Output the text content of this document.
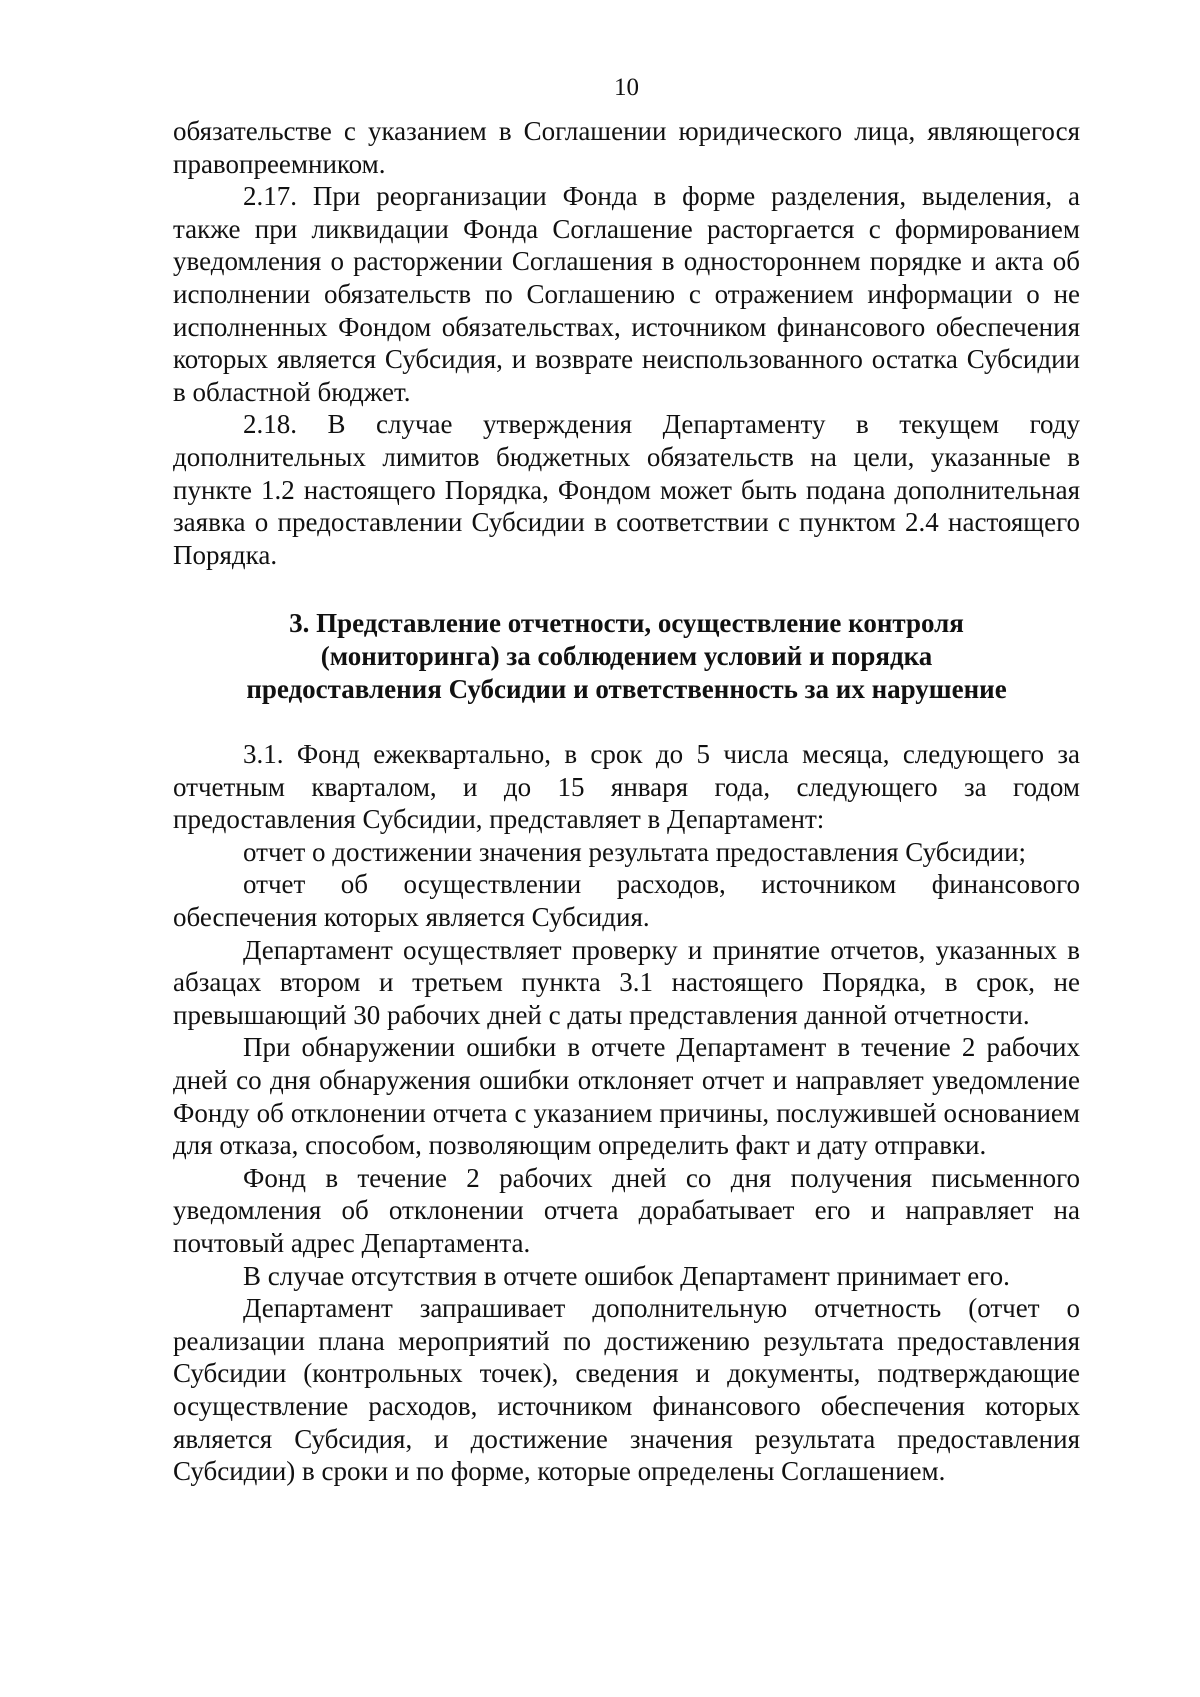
10

обязательстве с указанием в Соглашении юридического лица, являющегося правопреемником.

2.17. При реорганизации Фонда в форме разделения, выделения, а также при ликвидации Фонда Соглашение расторгается с формированием уведомления о расторжении Соглашения в одностороннем порядке и акта об исполнении обязательств по Соглашению с отражением информации о не исполненных Фондом обязательствах, источником финансового обеспечения которых является Субсидия, и возврате неиспользованного остатка Субсидии в областной бюджет.

2.18. В случае утверждения Департаменту в текущем году дополнительных лимитов бюджетных обязательств на цели, указанные в пункте 1.2 настоящего Порядка, Фондом может быть подана дополнительная заявка о предоставлении Субсидии в соответствии с пунктом 2.4 настоящего Порядка.

3. Представление отчетности, осуществление контроля
(мониторинга) за соблюдением условий и порядка
предоставления Субсидии и ответственность за их нарушение

3.1. Фонд ежеквартально, в срок до 5 числа месяца, следующего за отчетным кварталом, и до 15 января года, следующего за годом предоставления Субсидии, представляет в Департамент:

отчет о достижении значения результата предоставления Субсидии;

отчет об осуществлении расходов, источником финансового обеспечения которых является Субсидия.

Департамент осуществляет проверку и принятие отчетов, указанных в абзацах втором и третьем пункта 3.1 настоящего Порядка, в срок, не превышающий 30 рабочих дней с даты представления данной отчетности.

При обнаружении ошибки в отчете Департамент в течение 2 рабочих дней со дня обнаружения ошибки отклоняет отчет и направляет уведомление Фонду об отклонении отчета с указанием причины, послужившей основанием для отказа, способом, позволяющим определить факт и дату отправки.

Фонд в течение 2 рабочих дней со дня получения письменного уведомления об отклонении отчета дорабатывает его и направляет на почтовый адрес Департамента.

В случае отсутствия в отчете ошибок Департамент принимает его.

Департамент запрашивает дополнительную отчетность (отчет о реализации плана мероприятий по достижению результата предоставления Субсидии (контрольных точек), сведения и документы, подтверждающие осуществление расходов, источником финансового обеспечения которых является Субсидия, и достижение значения результата предоставления Субсидии) в сроки и по форме, которые определены Соглашением.
